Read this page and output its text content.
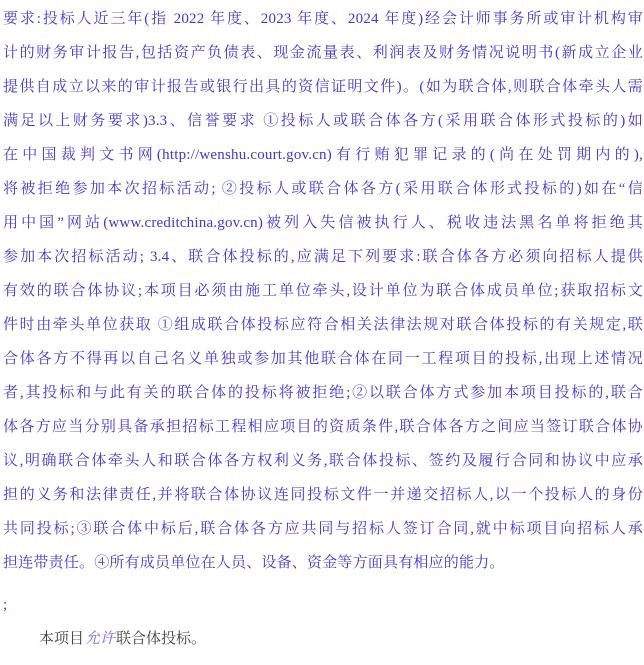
要求:投标人近三年(指 2022 年度、2023 年度、2024 年度)经会计师事务所或审计机构审
计的财务审计报告,包括资产负债表、现金流量表、利润表及财务情况说明书(新成立企业
提供自成立以来的审计报告或银行出具的资信证明文件)。(如为联合体,则联合体牵头人需
满足以上财务要求)3.3、信誉要求 ①投标人或联合体各方(采用联合体形式投标的)如
在中国裁判文书网(http://wenshu.court.gov.cn)有行贿犯罪记录的(尚在处罚期内的),
将被拒绝参加本次招标活动; ②投标人或联合体各方(采用联合体形式投标的)如在“信
用中国”网站(www.creditchina.gov.cn)被列入失信被执行人、税收违法黑名单将拒绝其
参加本次招标活动; 3.4、联合体投标的,应满足下列要求:联合体各方必须向招标人提供
有效的联合体协议;本项目必须由施工单位牵头,设计单位为联合体成员单位;获取招标文
件时由牵头单位获取 ①组成联合体投标应符合相关法律法规对联合体投标的有关规定,联
合体各方不得再以自己名义单独或参加其他联合体在同一工程项目的投标,出现上述情况
者,其投标和与此有关的联合体的投标将被拒绝;②以联合体方式参加本项目投标的,联合
体各方应当分别具备承担招标工程相应项目的资质条件,联合体各方之间应当签订联合体协
议,明确联合体牵头人和联合体各方权利义务,联合体投标、签约及履行合同和协议中应承
担的义务和法律责任,并将联合体协议连同投标文件一并递交招标人,以一个投标人的身份
共同投标;③联合体中标后,联合体各方应共同与招标人签订合同,就中标项目向招标人承
担连带责任。④所有成员单位在人员、设备、资金等方面具有相应的能力。
;

本项目允许联合体投标。
